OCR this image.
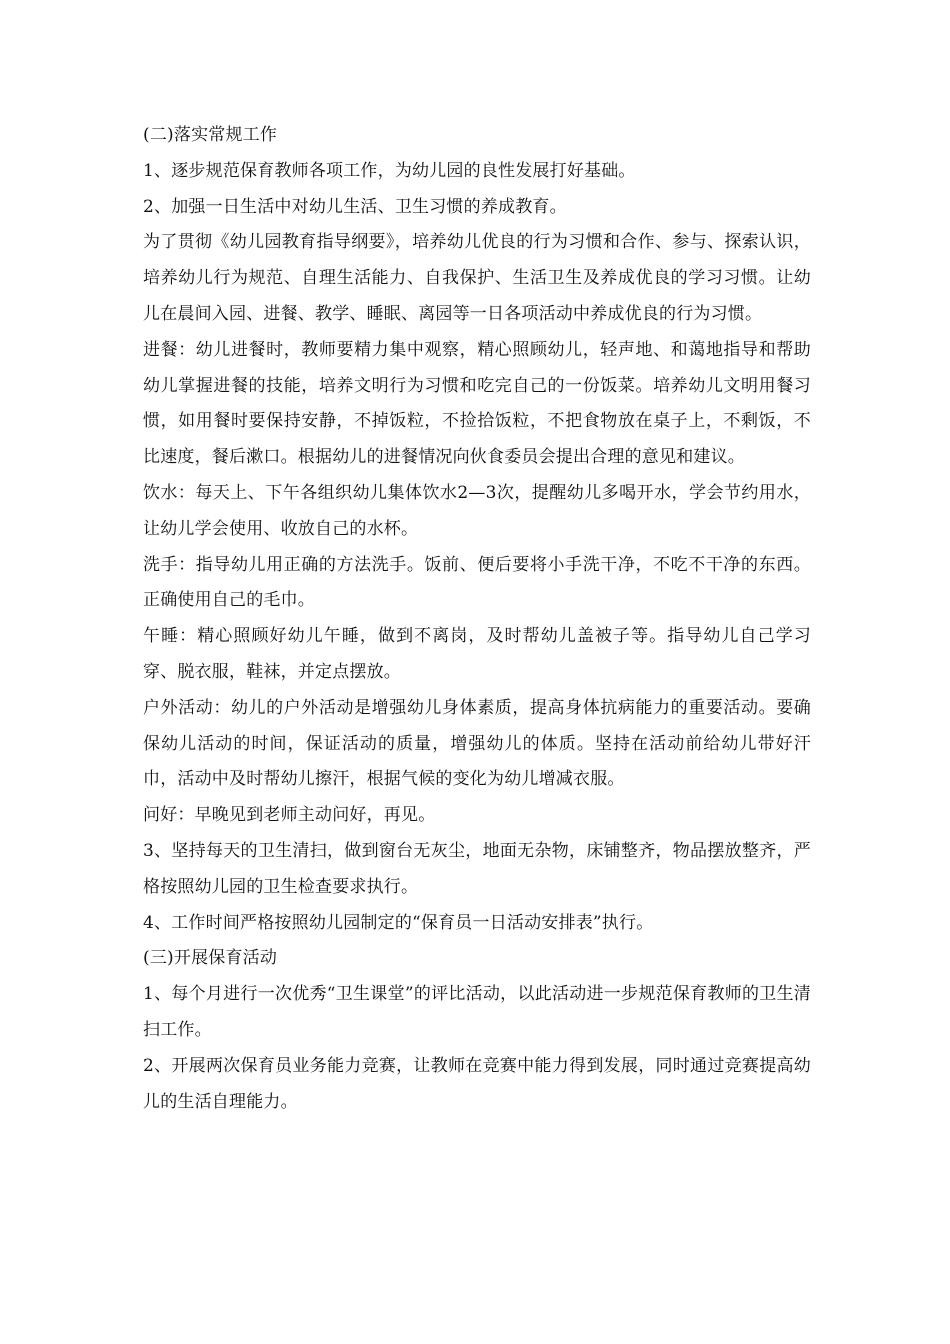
(二)落实常规工作

1、逐步规范保育教师各项工作，为幼儿园的良性发展打好基础。

2、加强一日生活中对幼儿生活、卫生习惯的养成教育。

为了贯彻《幼儿园教育指导纲要》，培养幼儿优良的行为习惯和合作、参与、探索认识，培养幼儿行为规范、自理生活能力、自我保护、生活卫生及养成优良的学习习惯。让幼儿在晨间入园、进餐、教学、睡眠、离园等一日各项活动中养成优良的行为习惯。

进餐：幼儿进餐时，教师要精力集中观察，精心照顾幼儿，轻声地、和蔼地指导和帮助幼儿掌握进餐的技能，培养文明行为习惯和吃完自己的一份饭菜。培养幼儿文明用餐习惯，如用餐时要保持安静，不掉饭粒，不捡拾饭粒，不把食物放在桌子上，不剩饭，不比速度，餐后漱口。根据幼儿的进餐情况向伙食委员会提出合理的意见和建议。

饮水：每天上、下午各组织幼儿集体饮水2—3次，提醒幼儿多喝开水，学会节约用水，让幼儿学会使用、收放自己的水杯。

洗手：指导幼儿用正确的方法洗手。饭前、便后要将小手洗干净，不吃不干净的东西。正确使用自己的毛巾。

午睡：精心照顾好幼儿午睡，做到不离岗，及时帮幼儿盖被子等。指导幼儿自己学习穿、脱衣服，鞋袜，并定点摆放。

户外活动：幼儿的户外活动是增强幼儿身体素质，提高身体抗病能力的重要活动。要确保幼儿活动的时间，保证活动的质量，增强幼儿的体质。坚持在活动前给幼儿带好汗巾，活动中及时帮幼儿擦汗，根据气候的变化为幼儿增减衣服。

问好：早晚见到老师主动问好，再见。

3、坚持每天的卫生清扫，做到窗台无灰尘，地面无杂物，床铺整齐，物品摆放整齐，严格按照幼儿园的卫生检查要求执行。

4、工作时间严格按照幼儿园制定的“保育员一日活动安排表”执行。

(三)开展保育活动

1、每个月进行一次优秀“卫生课堂”的评比活动，以此活动进一步规范保育教师的卫生清扫工作。

2、开展两次保育员业务能力竞赛，让教师在竞赛中能力得到发展，同时通过竞赛提高幼儿的生活自理能力。
